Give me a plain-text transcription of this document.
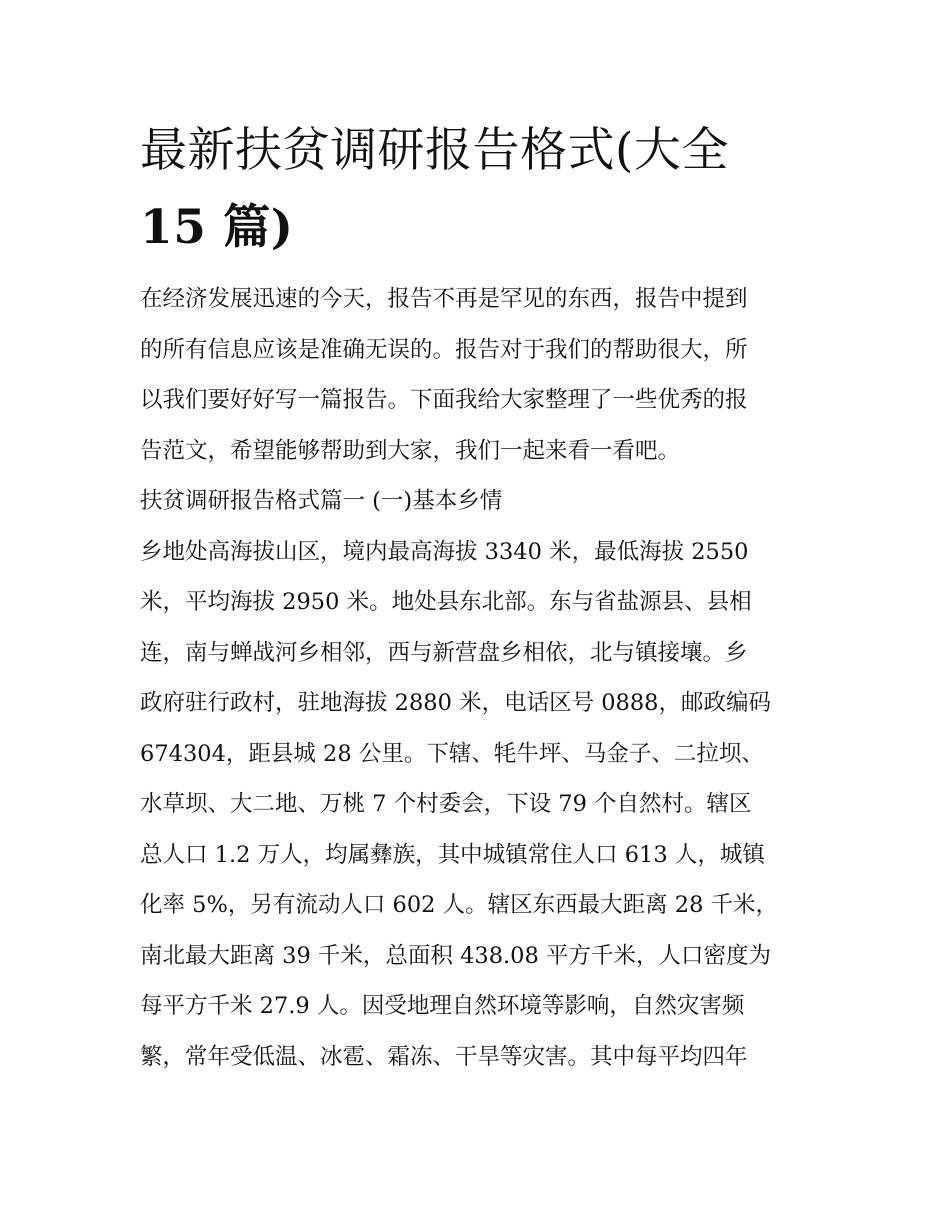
最新扶贫调研报告格式(大全
15 篇)

在经济发展迅速的今天，报告不再是罕见的东西，报告中提到

的所有信息应该是准确无误的。报告对于我们的帮助很大，所

以我们要好好写一篇报告。下面我给大家整理了一些优秀的报

告范文，希望能够帮助到大家，我们一起来看一看吧。

扶贫调研报告格式篇一 (一)基本乡情

乡地处高海拔山区，境内最高海拔 3340 米，最低海拔 2550

米，平均海拔 2950 米。地处县东北部。东与省盐源县、县相

连，南与蝉战河乡相邻，西与新营盘乡相依，北与镇接壤。乡

政府驻行政村，驻地海拔 2880 米，电话区号 0888，邮政编码

674304，距县城 28 公里。下辖、牦牛坪、马金子、二拉坝、

水草坝、大二地、万桃 7 个村委会，下设 79 个自然村。辖区

总人口 1.2 万人，均属彝族，其中城镇常住人口 613 人，城镇

化率 5%，另有流动人口 602 人。辖区东西最大距离 28 千米，

南北最大距离 39 千米，总面积 438.08 平方千米，人口密度为

每平方千米 27.9 人。因受地理自然环境等影响，自然灾害频

繁，常年受低温、冰雹、霜冻、干旱等灾害。其中每平均四年
